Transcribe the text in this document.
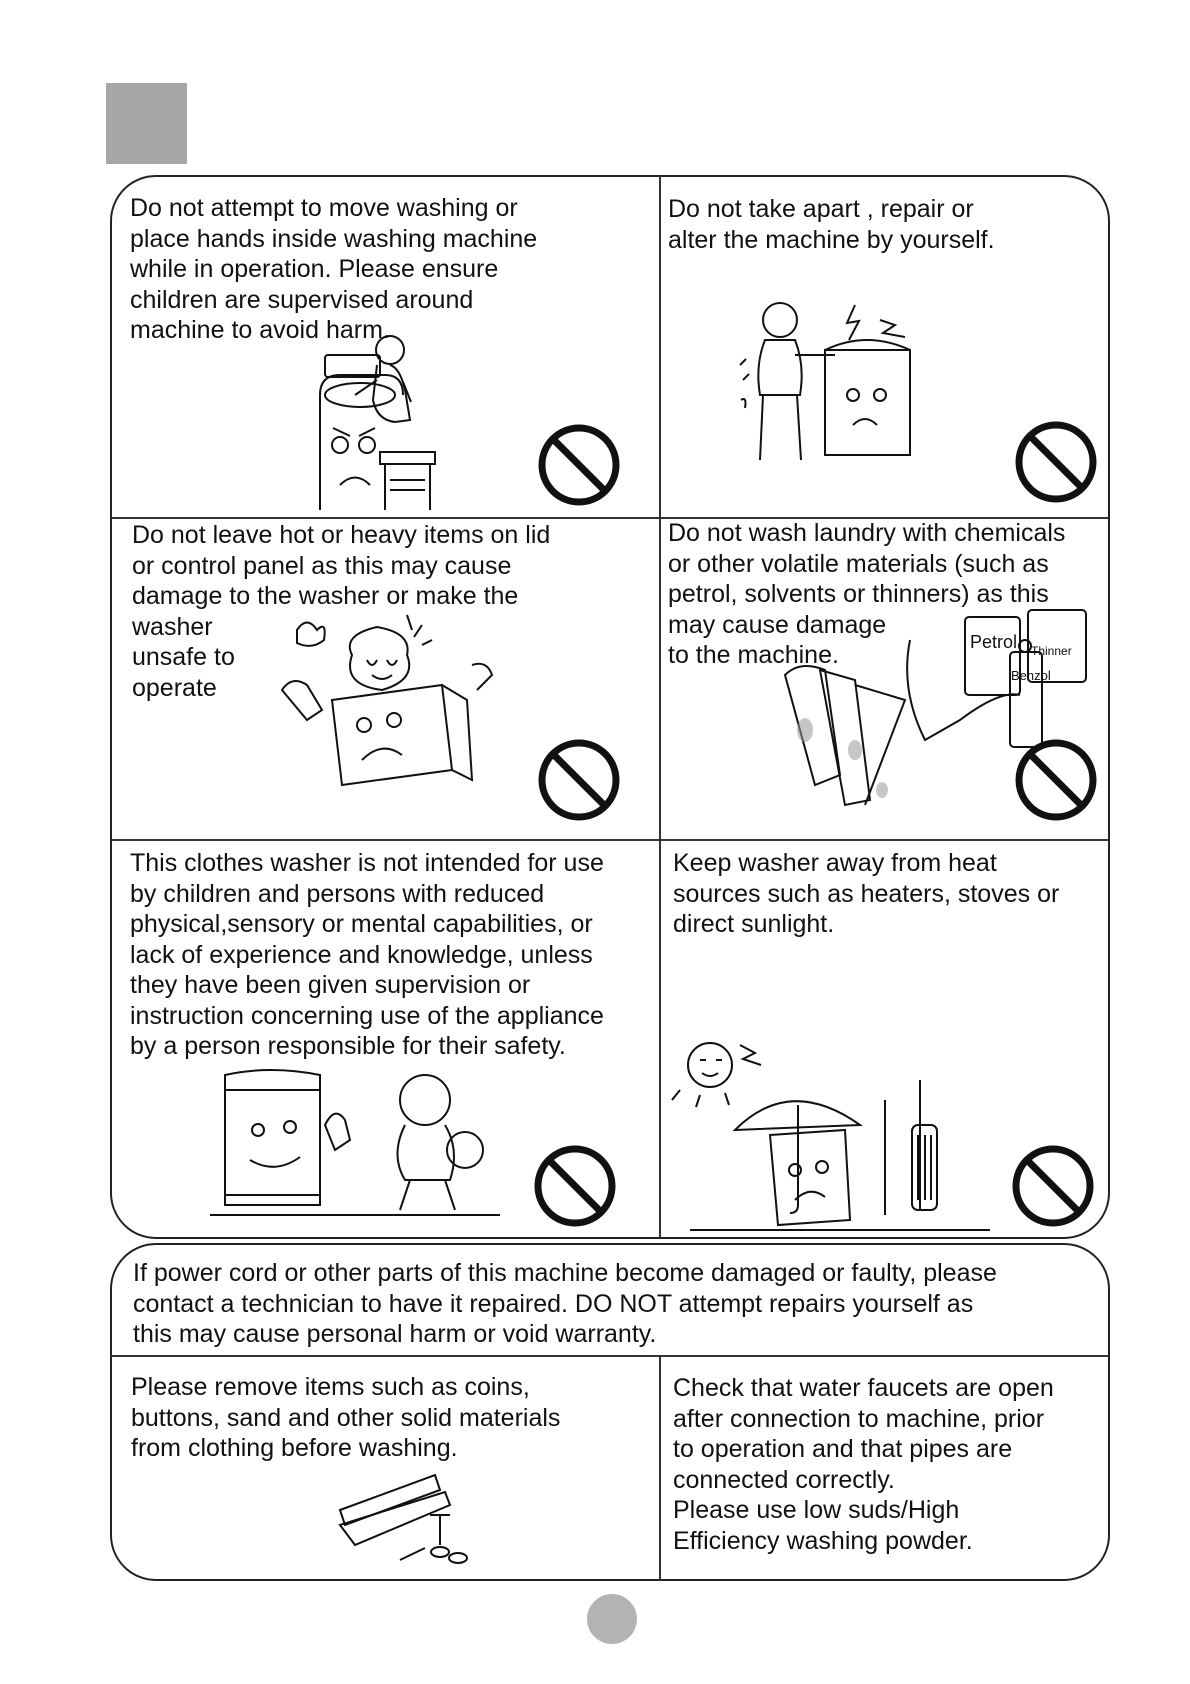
Do not attempt to move washing or
place hands inside washing machine
while in operation. Please ensure
children are supervised around
machine to avoid harm.

Do not take apart , repair or
alter the machine by yourself.

Do not leave hot or heavy items on lid
or control panel as this may cause
damage to the washer or make the
washer
unsafe to
operate

Do not wash laundry with chemicals
or other volatile materials (such as
petrol, solvents or thinners) as this
may cause damage
to the machine.

This clothes washer is not intended for use
by children and persons with reduced
physical,sensory or mental capabilities, or
lack of experience and knowledge, unless
they have been given supervision or
instruction concerning use of the appliance
by a person responsible for their safety.

Keep washer away from heat
sources such as heaters, stoves or
direct sunlight.

If power cord or other parts of this machine become damaged or faulty, please
contact a technician to have it repaired. DO NOT attempt repairs yourself as
this may cause personal harm or void warranty.

Please remove items such as coins,
buttons, sand and other solid materials
from clothing before washing.

Check that water faucets are open
after connection to machine, prior
to operation and that pipes are
connected correctly.
Please use low suds/High
Efficiency washing powder.

Petrol Thinner
Benzol
